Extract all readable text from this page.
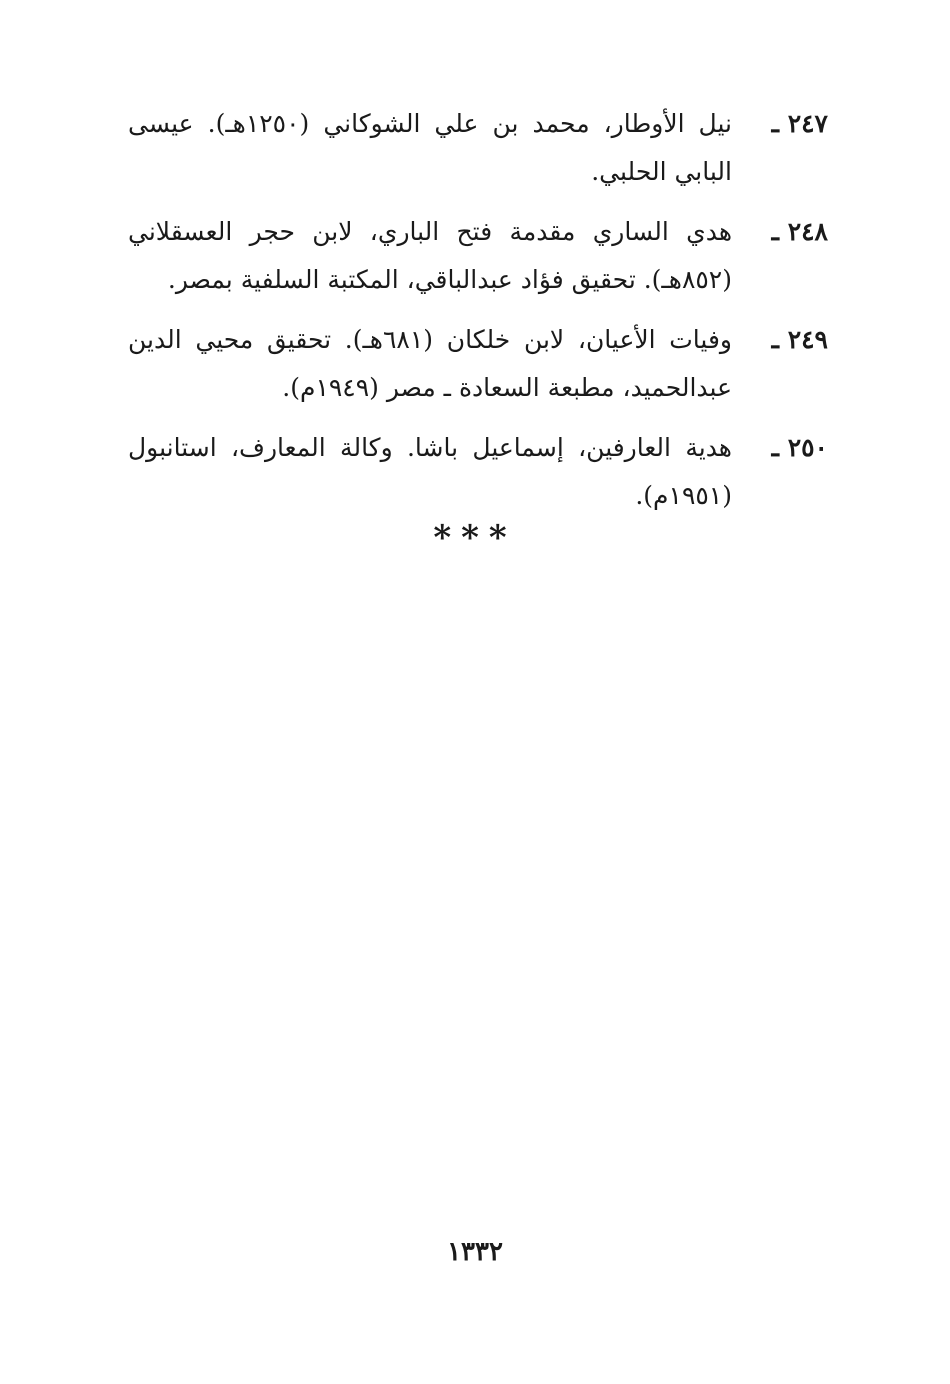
٢٤٧ ـ
نيل الأوطار، محمد بن علي الشوكاني (١٢٥٠هـ). عيسى البابي الحلبي.
٢٤٨ ـ
هدي الساري مقدمة فتح الباري، لابن حجر العسقلاني (٨٥٢هـ). تحقيق فؤاد عبدالباقي، المكتبة السلفية بمصر.
٢٤٩ ـ
وفيات الأعيان، لابن خلكان (٦٨١هـ). تحقيق محيي الدين عبدالحميد، مطبعة السعادة ـ مصر (١٩٤٩م).
٢٥٠ ـ
هدية العارفين، إسماعيل باشا. وكالة المعارف، استانبول (١٩٥١م).
***
١٣٣٢
